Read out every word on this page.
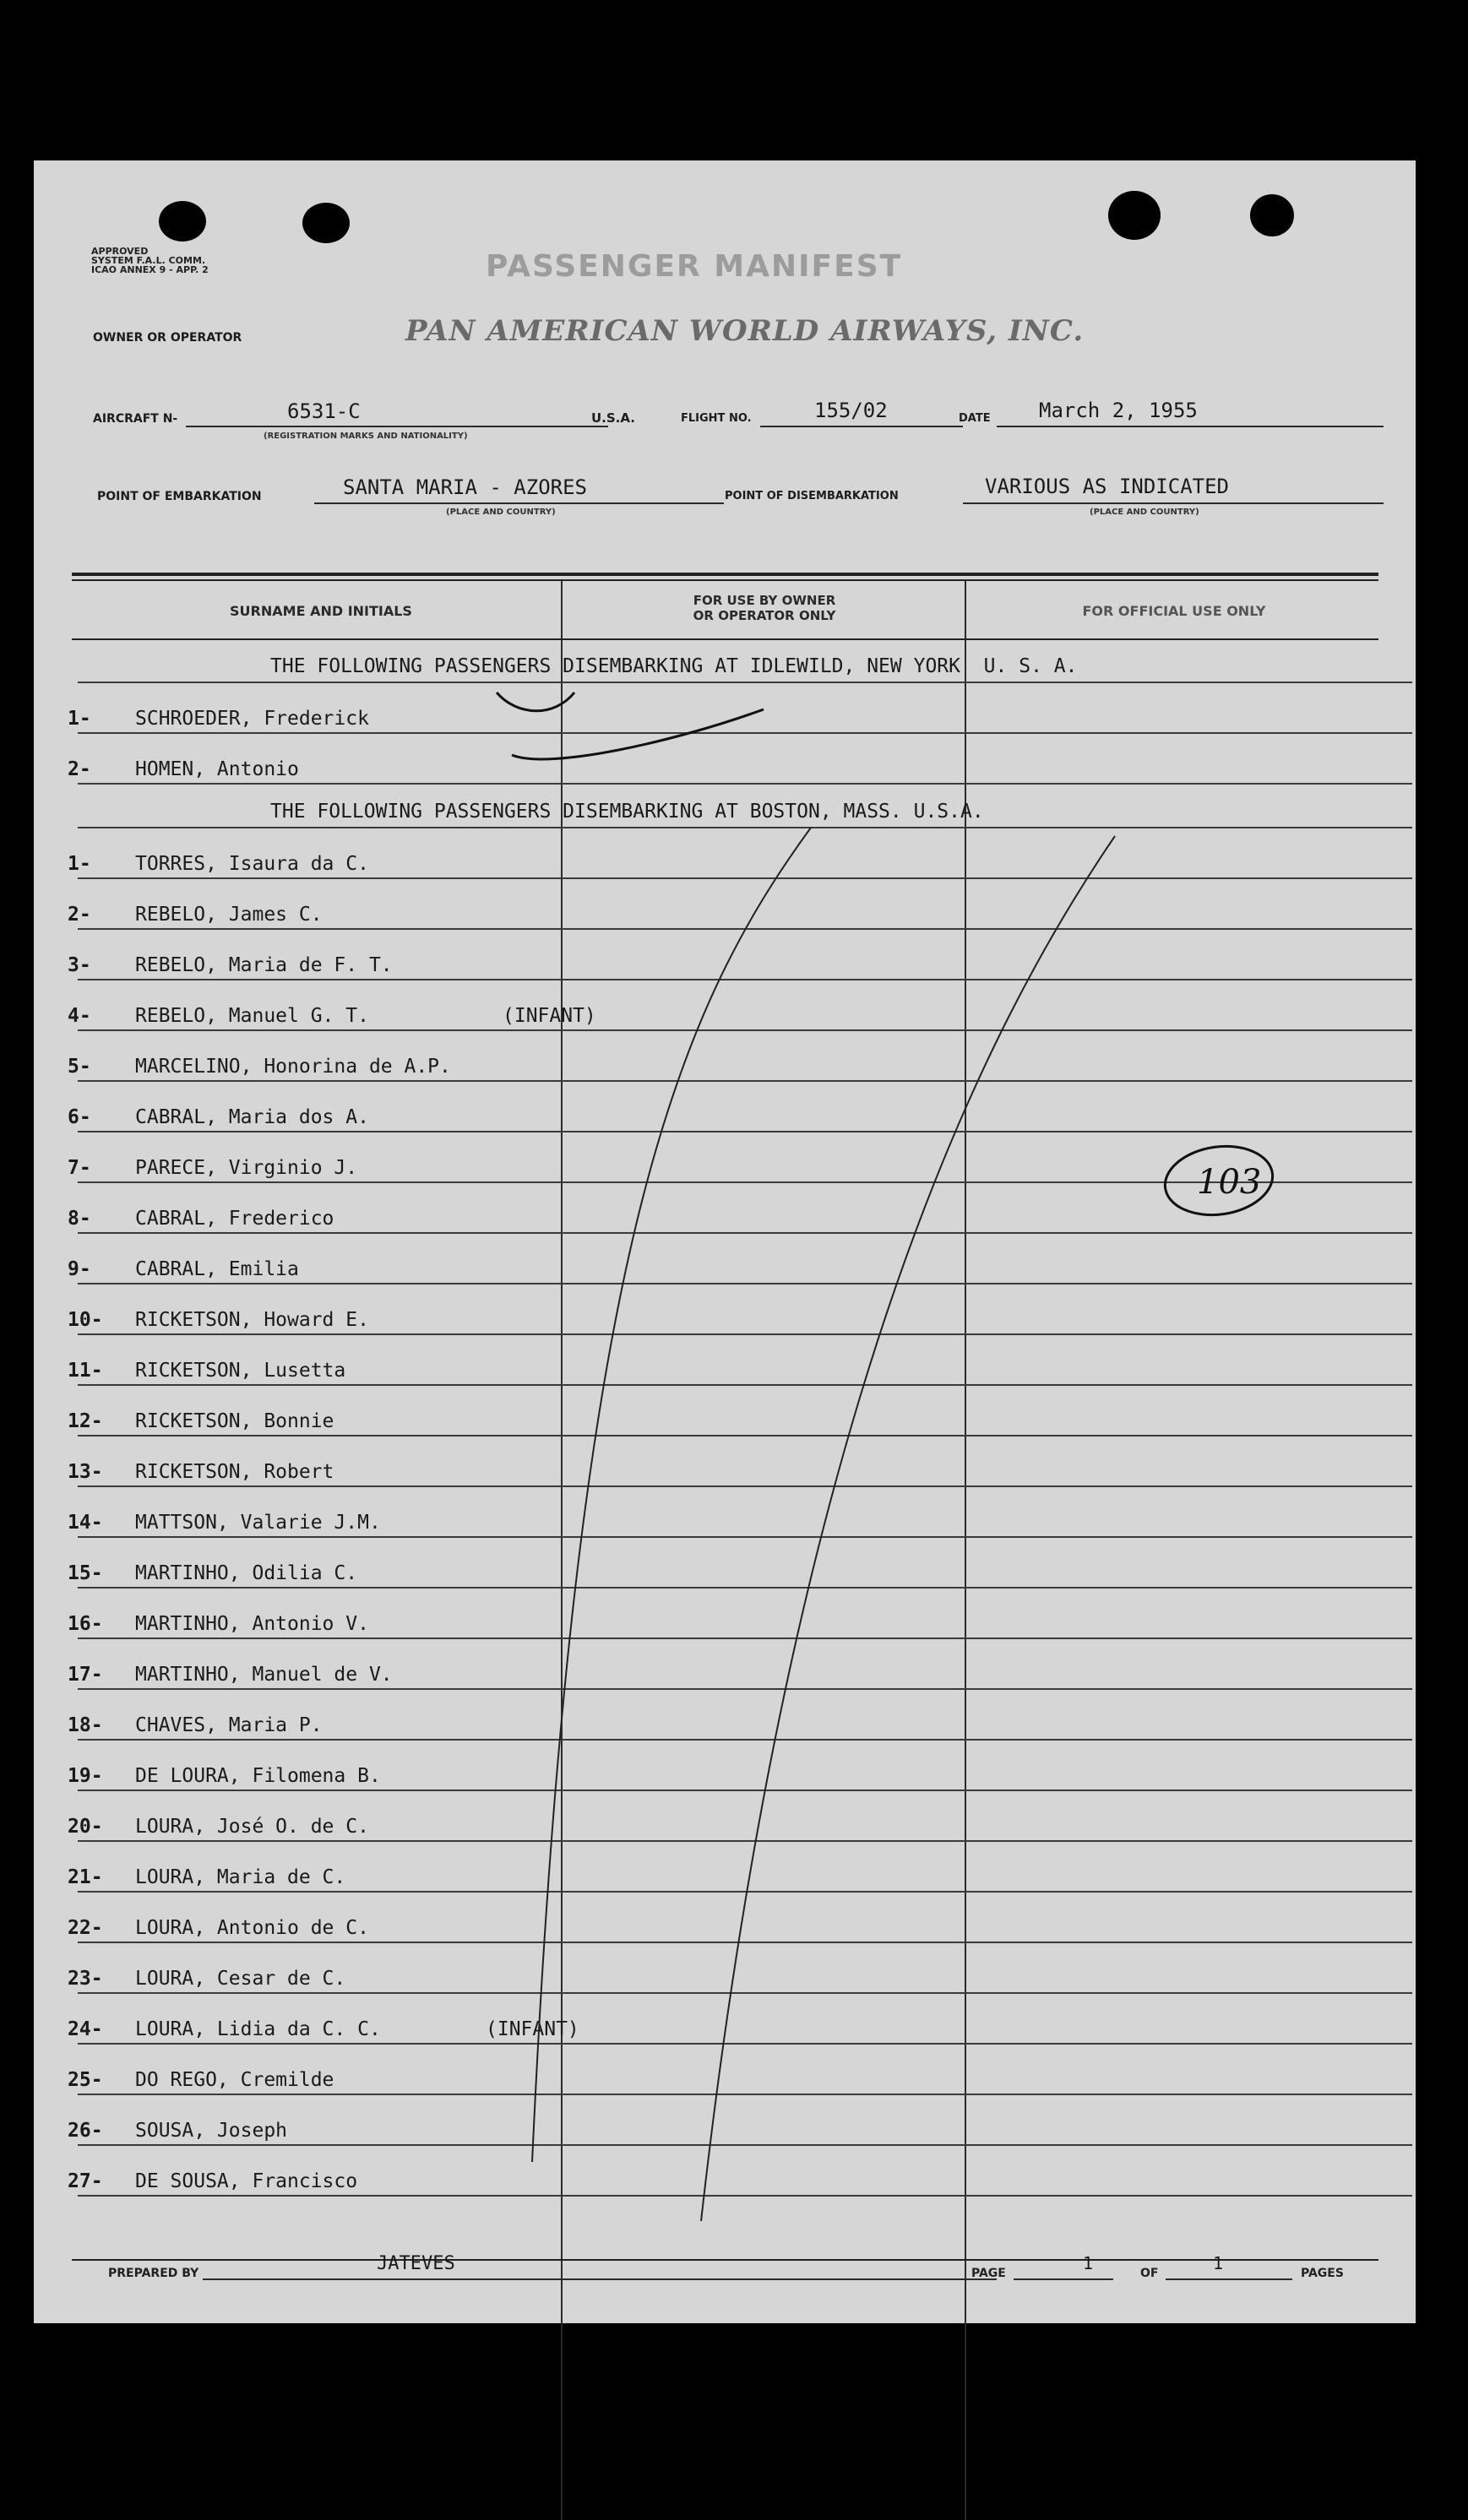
APPROVED
SYSTEM F.A.L. COMM.
ICAO ANNEX 9 - APP. 2	PASSENGER MANIFEST
OWNER OR OPERATOR	PAN AMERICAN WORLD AIRWAYS, INC.
AIRCRAFT N-	6531-C
(REGISTRATION MARKS AND NATIONALITY)
U.S.A.	FLIGHT NO.	155/02	DATE March 2, 1955
POINT OF EMBARKATION	SANTA MARIA - AZORES
(PLACE AND COUNTRY)
POINT OF DISEMBARKATION	VARIOUS AS INDICATED
(PLACE AND COUNTRY)
SURNAME AND INITIALS
FOR USE BY OWNER
OR OPERATOR ONLY	FOR OFFICIAL USE ONLY
THE FOLLOWING PASSENGERS DISEMBARKING AT IDLEWILD, NEW YORK  U. S. A.
1-	SCHROEDER, Frederick
2-	HOMEN, Antonio
THE FOLLOWING PASSENGERS DISEMBARKING AT BOSTON, MASS. U.S.A.
1-	TORRES, Isaura da C.
2-	REBELO, James C.
3-	REBELO, Maria de F. T.
4-	REBELO, Manuel G. T.	(INFANT)
5-	MARCELINO, Honorina de A.P.
6-	CABRAL, Maria dos A.
7-	PARECE, Virginio J.
8-	CABRAL, Frederico
9-	CABRAL, Emilia
10-	RICKETSON, Howard E.
11-	RICKETSON, Lusetta
12-	RICKETSON, Bonnie
13-	RICKETSON, Robert
14-	MATTSON, Valarie J.M.
15-	MARTINHO, Odilia C.
16-	MARTINHO, Antonio V.
17-	MARTINHO, Manuel de V.
18-	CHAVES, Maria P.
19-	DE LOURA, Filomena B.
20-	LOURA, José O. de C.
21-	LOURA, Maria de C.
22-	LOURA, Antonio de C.
23-	LOURA, Cesar de C.
24-	LOURA, Lidia da C. C.	(INFANT)
25-	DO REGO, Cremilde
26-	SOUSA, Joseph
27-	DE SOUSA, Francisco
PREPARED BY	JATEVES	PAGE	1	OF	1	PAGES
103
